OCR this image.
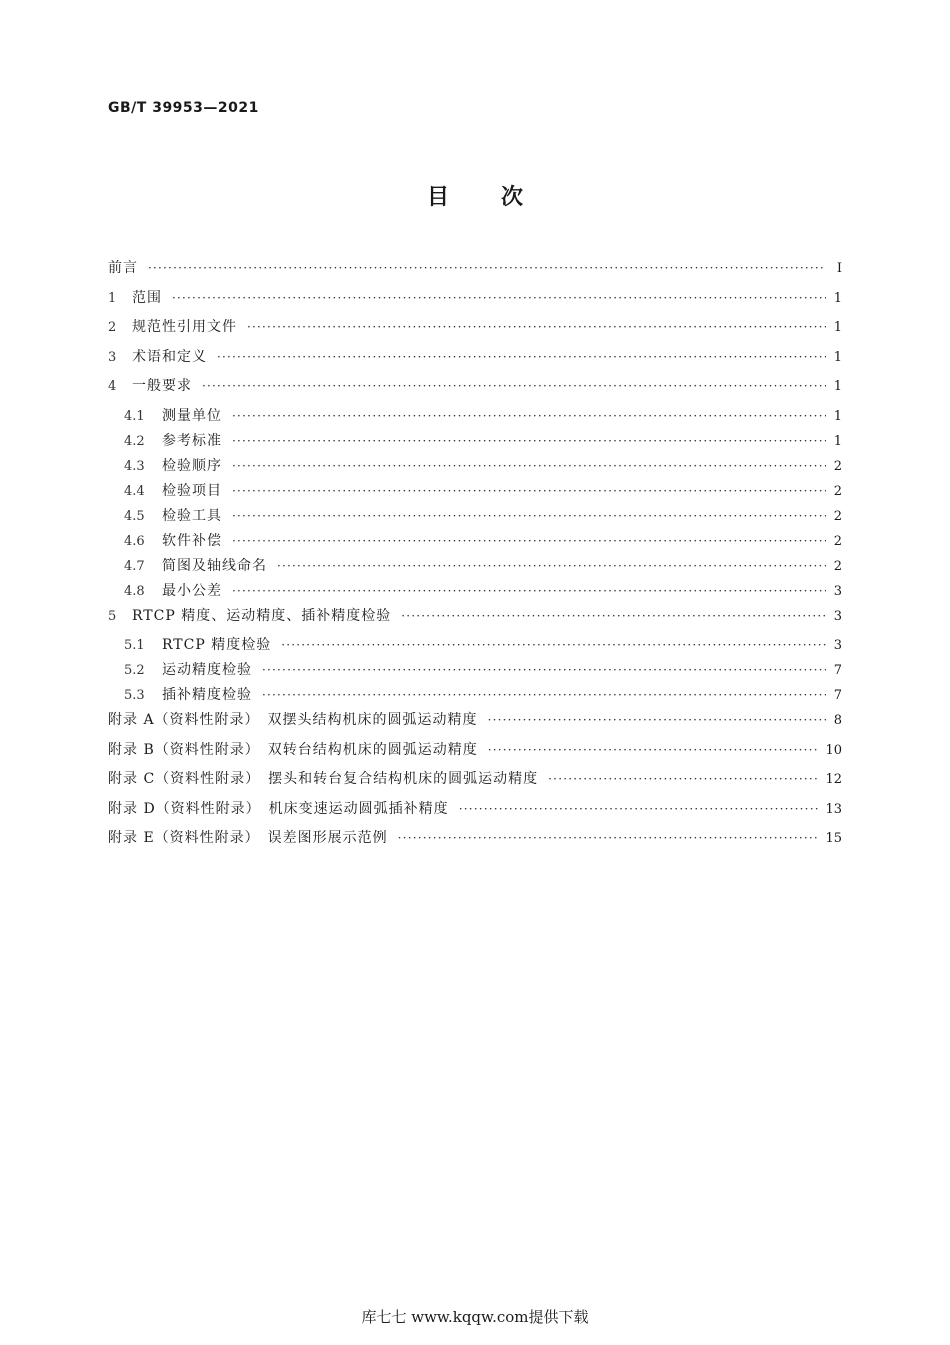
GB/T 39953—2021
目 次
前言 ·····	Ⅰ
1	范围 ·····	1
2	规范性引用文件 ·····	1
3	术语和定义 ·····	1
4	一般要求 ·····	1
4.1	测量单位 ·····	1
4.2	参考标准 ·····	1
4.3	检验顺序 ·····	2
4.4	检验项目 ·····	2
4.5	检验工具 ·····	2
4.6	软件补偿 ·····	2
4.7	简图及轴线命名 ·····	2
4.8	最小公差 ·····	3
5	RTCP 精度、运动精度、插补精度检验 ·····	3
5.1	RTCP 精度检验 ·····	3
5.2	运动精度检验 ·····	7
5.3	插补精度检验 ·····	7
附录 A（资料性附录）　双摆头结构机床的圆弧运动精度 ·····	8
附录 B（资料性附录）　双转台结构机床的圆弧运动精度 ·····	10
附录 C（资料性附录）　摆头和转台复合结构机床的圆弧运动精度 ·····	12
附录 D（资料性附录）　机床变速运动圆弧插补精度 ·····	13
附录 E（资料性附录）　误差图形展示范例 ·····	15
库七七 www.kqqw.com提供下载
